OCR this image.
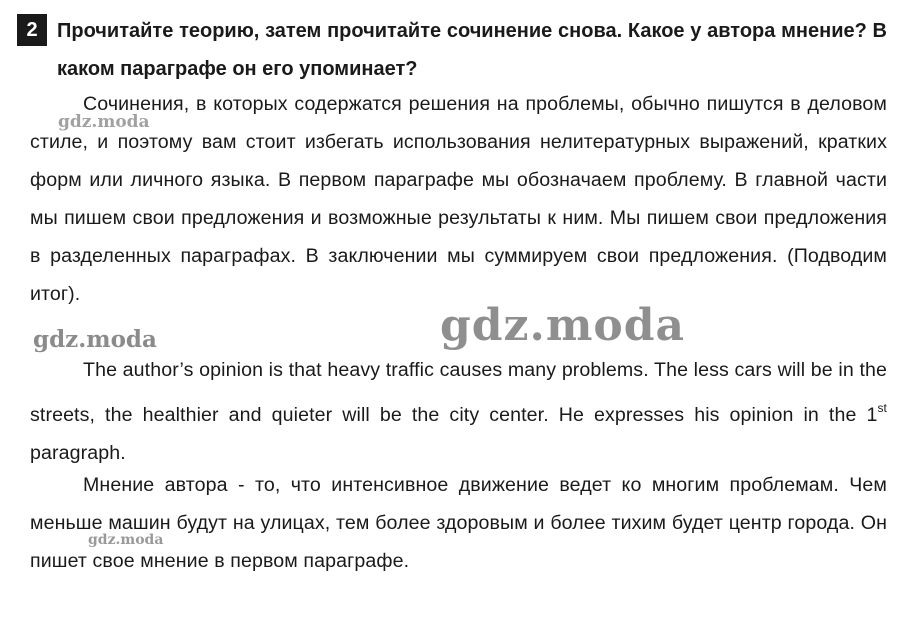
2 Прочитайте теорию, затем прочитайте сочинение снова. Какое у автора мнение? В каком параграфе он его упоминает?

Сочинения, в которых содержатся решения на проблемы, обычно пишутся в деловом стиле, и поэтому вам стоит избегать использования нелитературных выражений, кратких форм или личного языка. В первом параграфе мы обозначаем проблему. В главной части мы пишем свои предложения и возможные результаты к ним. Мы пишем свои предложения в разделенных параграфах. В заключении мы суммируем свои предложения. (Подводим итог).

The author’s opinion is that heavy traffic causes many problems. The less cars will be in the streets, the healthier and quieter will be the city center. He expresses his opinion in the 1st paragraph.

Мнение автора - то, что интенсивное движение ведет ко многим проблемам. Чем меньше машин будут на улицах, тем более здоровым и более тихим будет центр города. Он пишет свое мнение в первом параграфе.

gdz.moda
gdz.moda	gdz.moda
gdz.moda
